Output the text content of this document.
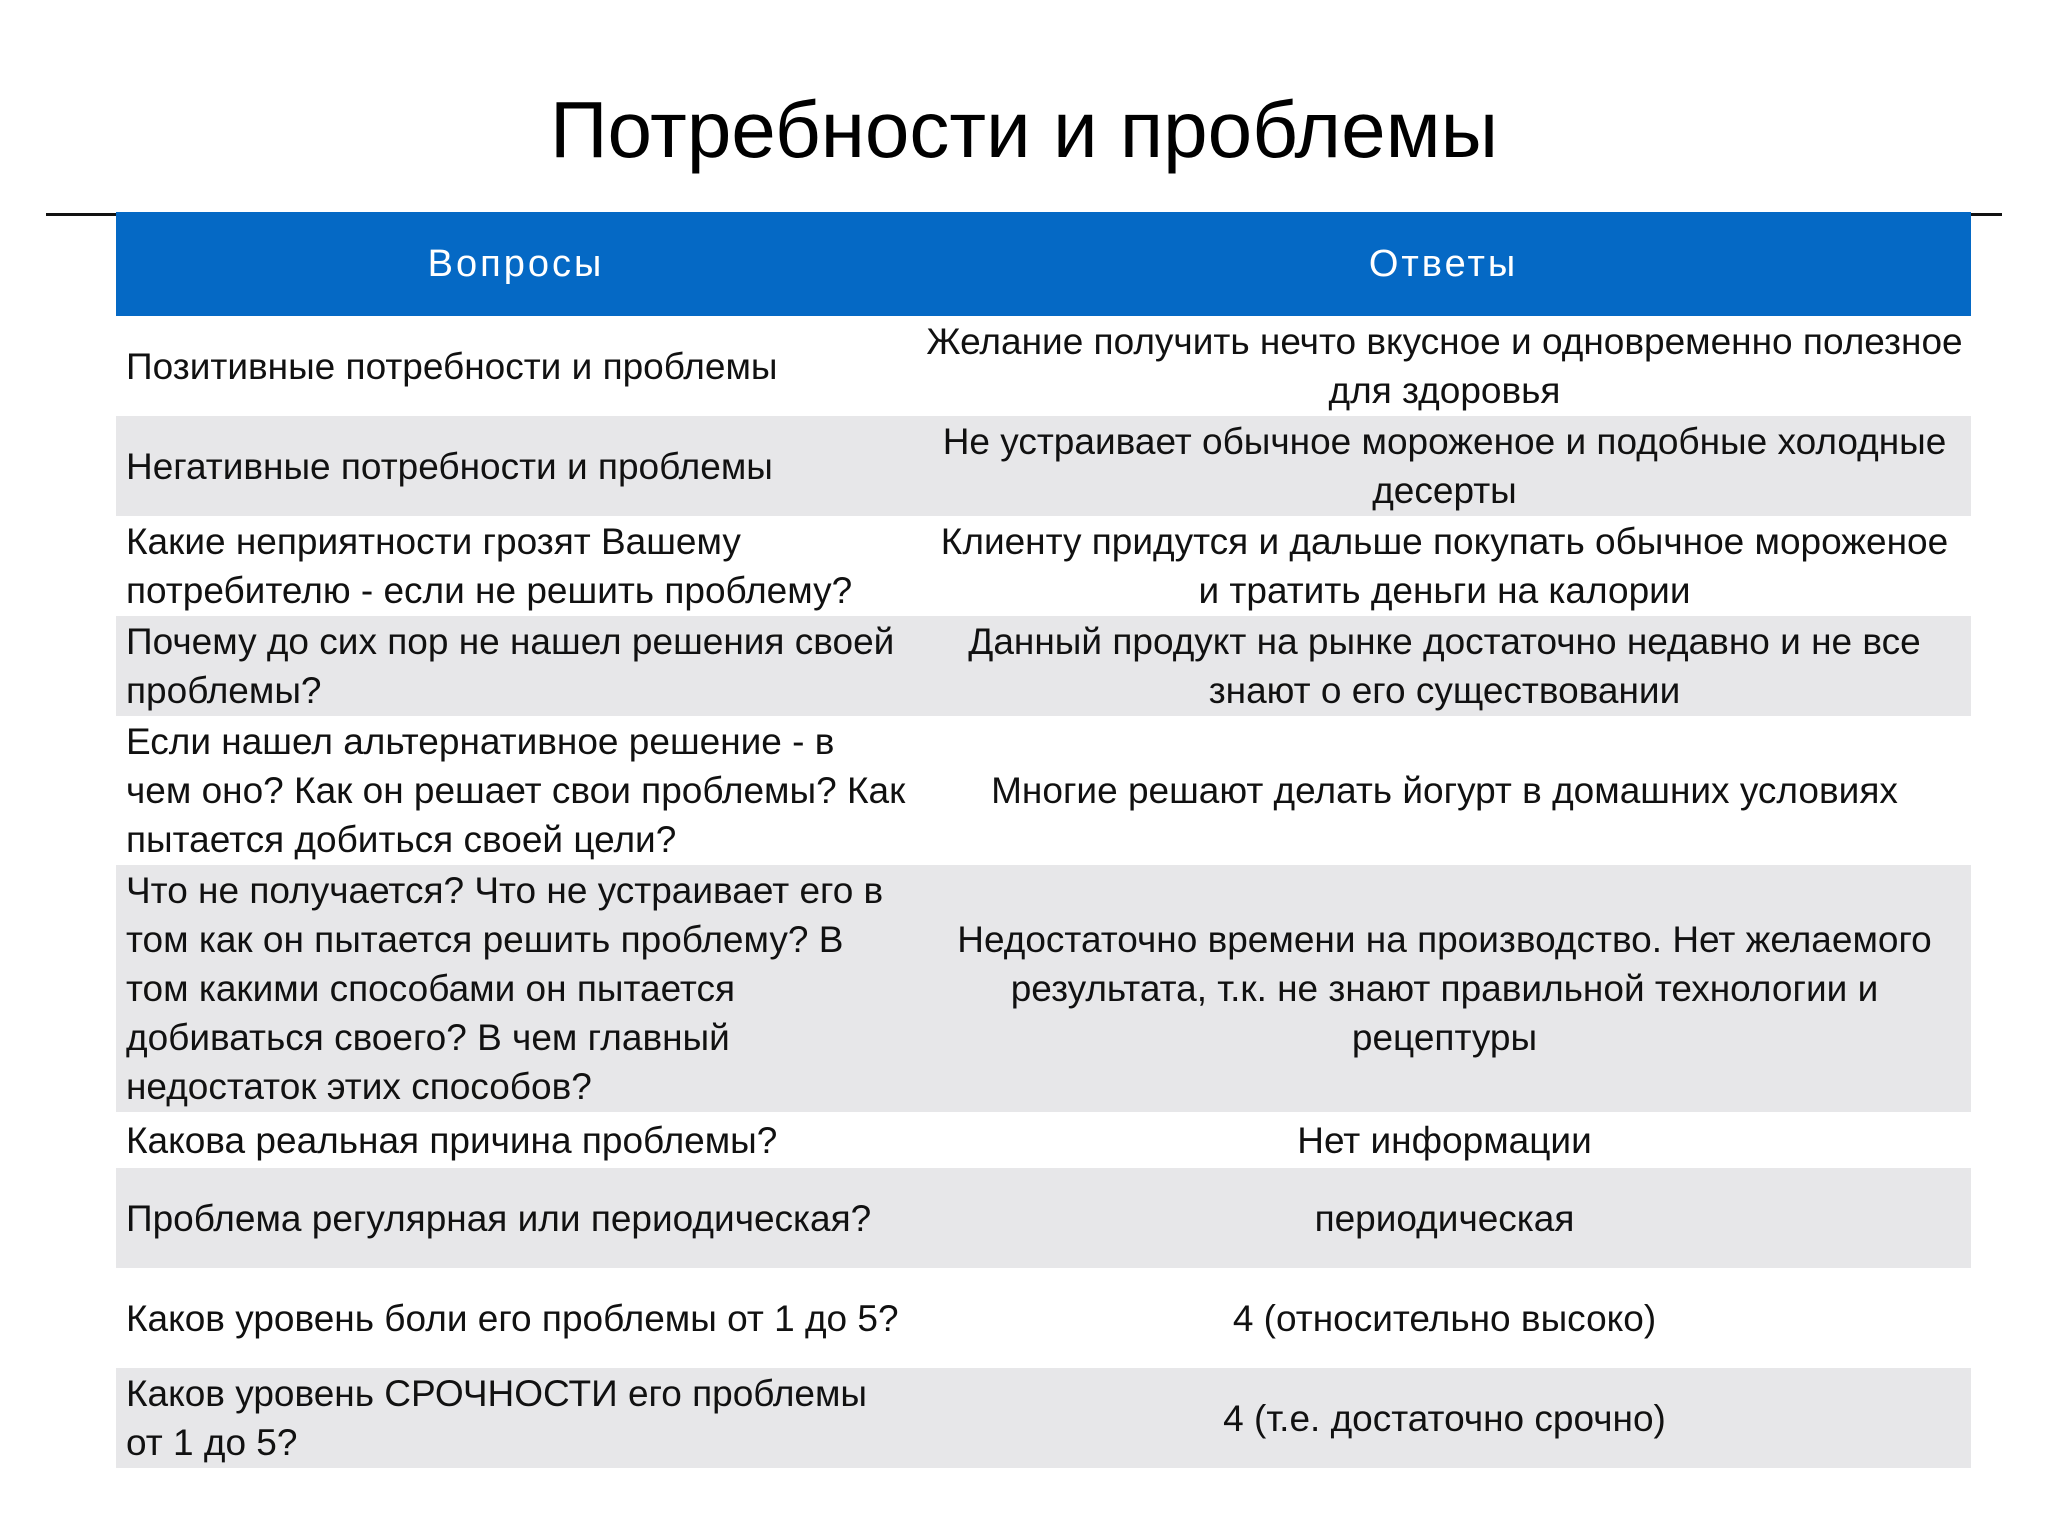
Потребности и проблемы
Вопросы	Ответы
Позитивные потребности и проблемы	Желание получить нечто вкусное и одновременно полезное для здоровья
Негативные потребности и проблемы	Не устраивает обычное мороженое и подобные холодные десерты
Какие неприятности грозят Вашему потребителю - если не решить проблему?	Клиенту придутся и дальше покупать обычное мороженое и тратить деньги на калории
Почему до сих пор не нашел решения своей проблемы?	Данный продукт на рынке достаточно недавно и не все знают о его существовании
Если нашел альтернативное решение - в чем оно? Как он решает свои проблемы? Как пытается добиться своей цели?	Многие решают делать йогурт в домашних условиях
Что не получается? Что не устраивает его в том как он пытается решить проблему? В том какими способами он пытается добиваться своего? В чем главный недостаток этих способов?	Недостаточно времени на производство. Нет желаемого результата, т.к. не знают правильной технологии и рецептуры
Какова реальная причина проблемы?	Нет информации
Проблема регулярная или периодическая?	периодическая
Каков уровень боли его проблемы от 1 до 5?	4 (относительно высоко)
Каков уровень СРОЧНОСТИ его проблемы от 1 до 5?	4 (т.е. достаточно срочно)
